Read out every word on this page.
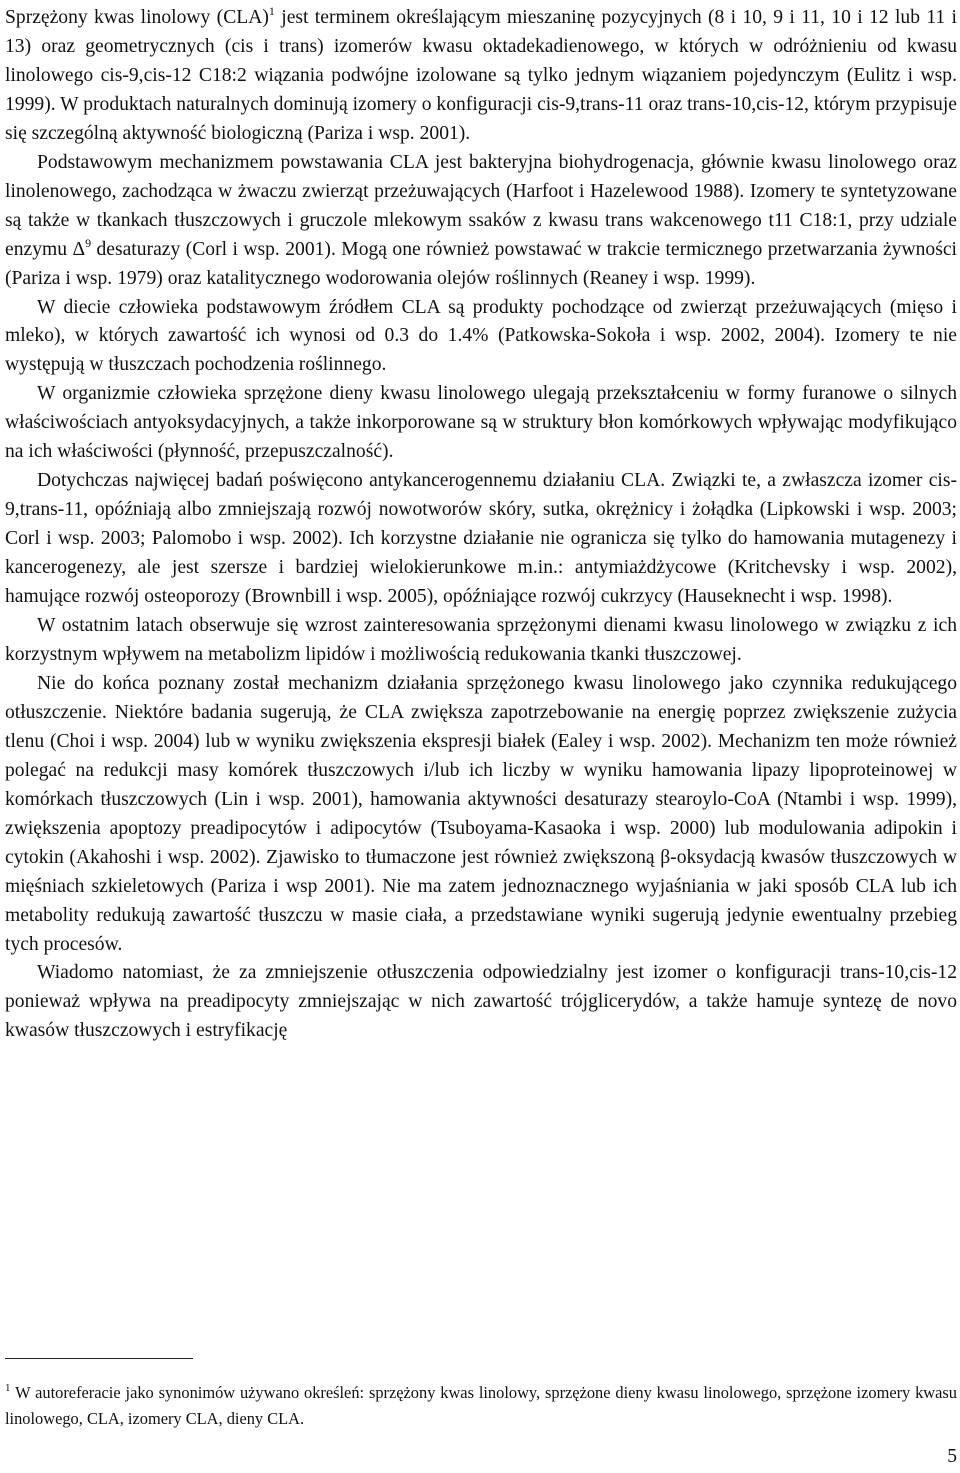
Sprzężony kwas linolowy (CLA)$^1$ jest terminem określającym mieszaninę pozycyjnych (8 i 10, 9 i 11, 10 i 12 lub 11 i 13) oraz geometrycznych (cis i trans) izomerów kwasu oktadekadienowego, w których w odróżnieniu od kwasu linolowego cis-9,cis-12 C18:2 wiązania podwójne izolowane są tylko jednym wiązaniem pojedynczym (Eulitz i wsp. 1999). W produktach naturalnych dominują izomery o konfiguracji cis-9,trans-11 oraz trans-10,cis-12, którym przypisuje się szczególną aktywność biologiczną (Pariza i wsp. 2001).

Podstawowym mechanizmem powstawania CLA jest bakteryjna biohydrogenacja, głównie kwasu linolowego oraz linolenowego, zachodząca w żwaczu zwierząt przeżuwających (Harfoot i Hazelewood 1988). Izomery te syntetyzowane są także w tkankach tłuszczowych i gruczole mlekowym ssaków z kwasu trans wakcenowego t11 C18:1, przy udziale enzymu $\Delta^9$ desaturazy (Corl i wsp. 2001). Mogą one również powstawać w trakcie termicznego przetwarzania żywności (Pariza i wsp. 1979) oraz katalitycznego wodorowania olejów roślinnych (Reaney i wsp. 1999).

W diecie człowieka podstawowym źródłem CLA są produkty pochodzące od zwierząt przeżuwających (mięso i mleko), w których zawartość ich wynosi od 0.3 do 1.4% (Patkowska-Sokoła i wsp. 2002, 2004). Izomery te nie występują w tłuszczach pochodzenia roślinnego.

W organizmie człowieka sprzężone dieny kwasu linolowego ulegają przekształceniu w formy furanowe o silnych właściwościach antyoksydacyjnych, a także inkorporowane są w struktury błon komórkowych wpływając modyfikująco na ich właściwości (płynność, przepuszczalność).

Dotychczas najwięcej badań poświęcono antykancerogennemu działaniu CLA. Związki te, a zwłaszcza izomer cis-9,trans-11, opóźniają albo zmniejszają rozwój nowotworów skóry, sutka, okrężnicy i żołądka (Lipkowski i wsp. 2003; Corl i wsp. 2003; Palomobo i wsp. 2002). Ich korzystne działanie nie ogranicza się tylko do hamowania mutagenezy i kancerogenezy, ale jest szersze i bardziej wielokierunkowe m.in.: antymiażdżycowe (Kritchevsky i wsp. 2002), hamujące rozwój osteoporozy (Brownbill i wsp. 2005), opóźniające rozwój cukrzycy (Hauseknecht i wsp. 1998).

W ostatnim latach obserwuje się wzrost zainteresowania sprzężonymi dienami kwasu linolowego w związku z ich korzystnym wpływem na metabolizm lipidów i możliwością redukowania tkanki tłuszczowej.

Nie do końca poznany został mechanizm działania sprzężonego kwasu linolowego jako czynnika redukującego otłuszczenie. Niektóre badania sugerują, że CLA zwiększa zapotrzebowanie na energię poprzez zwiększenie zużycia tlenu (Choi i wsp. 2004) lub w wyniku zwiększenia ekspresji białek (Ealey i wsp. 2002). Mechanizm ten może również polegać na redukcji masy komórek tłuszczowych i/lub ich liczby w wyniku hamowania lipazy lipoproteinowej w komórkach tłuszczowych (Lin i wsp. 2001), hamowania aktywności desaturazy stearoylo-CoA (Ntambi i wsp. 1999), zwiększenia apoptozy preadipocytów i adipocytów (Tsuboyama-Kasaoka i wsp. 2000) lub modulowania adipokin i cytokin (Akahoshi i wsp. 2002). Zjawisko to tłumaczone jest również zwiększoną β-oksydacją kwasów tłuszczowych w mięśniach szkieletowych (Pariza i wsp 2001). Nie ma zatem jednoznacznego wyjaśniania w jaki sposób CLA lub ich metabolity redukują zawartość tłuszczu w masie ciała, a przedstawiane wyniki sugerują jedynie ewentualny przebieg tych procesów.

Wiadomo natomiast, że za zmniejszenie otłuszczenia odpowiedzialny jest izomer o konfiguracji trans-10,cis-12 ponieważ wpływa na preadipocyty zmniejszając w nich zawartość trójglicerydów, a także hamuje syntezę de novo kwasów tłuszczowych i estryfikację

$^1$ W autoreferacie jako synonimów używano określeń: sprzężony kwas linolowy, sprzężone dieny kwasu linolowego, sprzężone izomery kwasu linolowego, CLA, izomery CLA, dieny CLA.
5
